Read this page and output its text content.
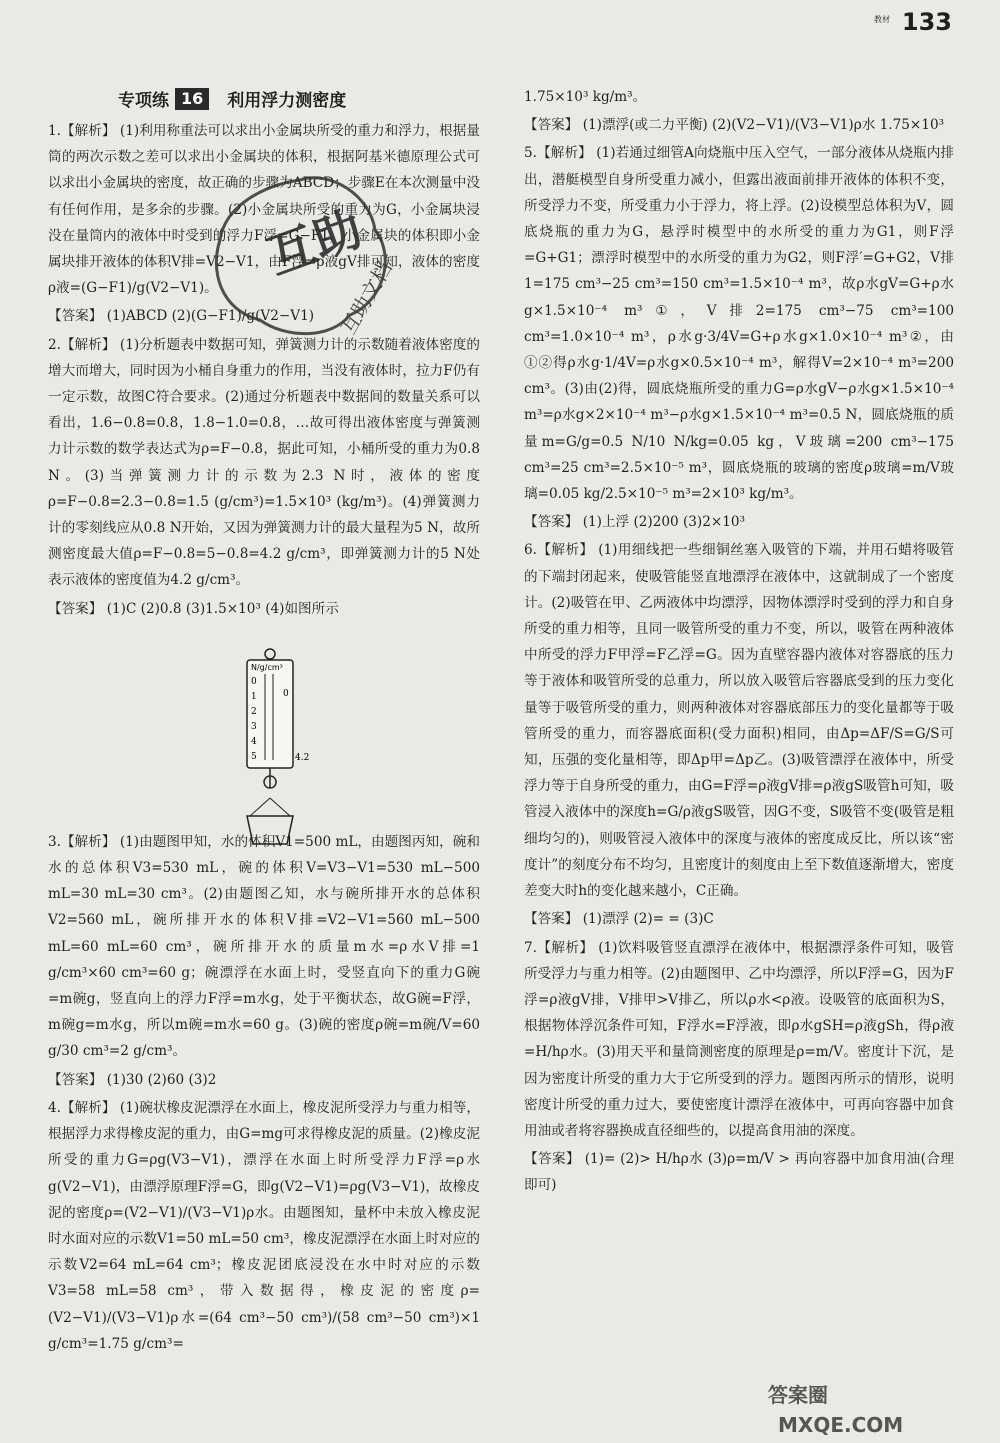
133
教材
专项练 16	利用浮力测密度

1.【解析】 (1)利用称重法可以求出小金属块所受的重力和浮力，根据量筒的两次示数之差可以求出小金属块的体积，根据阿基米德原理公式可以求出小金属块的密度，故正确的步骤为ABCD；步骤E在本次测量中没有任何作用，是多余的步骤。(2)小金属块所受的重力为G，小金属块浸没在量筒内的液体中时受到的浮力F浮=G−F1，小金属块的体积即小金属块排开液体的体积V排=V2−V1，由F浮=ρ液gV排可知，液体的密度ρ液=(G−F1)/g(V2−V1)。

【答案】 (1)ABCD (2)(G−F1)/g(V2−V1)

2.【解析】 (1)分析题表中数据可知，弹簧测力计的示数随着液体密度的增大而增大，同时因为小桶自身重力的作用，当没有液体时，拉力F仍有一定示数，故图C符合要求。(2)通过分析题表中数据间的数量关系可以看出，1.6−0.8=0.8，1.8−1.0=0.8，…故可得出液体密度与弹簧测力计示数的数学表达式为ρ=F−0.8，据此可知，小桶所受的重力为0.8 N。(3)当弹簧测力计的示数为2.3 N时，液体的密度ρ=F−0.8=2.3−0.8=1.5 (g/cm³)=1.5×10³ (kg/m³)。(4)弹簧测力计的零刻线应从0.8 N开始，又因为弹簧测力计的最大量程为5 N，故所测密度最大值ρ=F−0.8=5−0.8=4.2 g/cm³，即弹簧测力计的5 N处表示液体的密度值为4.2 g/cm³。

【答案】 (1)C (2)0.8 (3)1.5×10³ (4)如图所示

3.【解析】 (1)由题图甲知，水的体积V1=500 mL，由题图丙知，碗和水的总体积V3=530 mL，碗的体积V=V3−V1=530 mL−500 mL=30 mL=30 cm³。(2)由题图乙知，水与碗所排开水的总体积V2=560 mL，碗所排开水的体积V排=V2−V1=560 mL−500 mL=60 mL=60 cm³，碗所排开水的质量m水=ρ水V排=1 g/cm³×60 cm³=60 g；碗漂浮在水面上时，受竖直向下的重力G碗=m碗g，竖直向上的浮力F浮=m水g，处于平衡状态，故G碗=F浮，m碗g=m水g，所以m碗=m水=60 g。(3)碗的密度ρ碗=m碗/V=60 g/30 cm³=2 g/cm³。

【答案】 (1)30 (2)60 (3)2

4.【解析】 (1)碗状橡皮泥漂浮在水面上，橡皮泥所受浮力与重力相等，根据浮力求得橡皮泥的重力，由G=mg可求得橡皮泥的质量。(2)橡皮泥所受的重力G=ρg(V3−V1)，漂浮在水面上时所受浮力F浮=ρ水g(V2−V1)，由漂浮原理F浮=G，即g(V2−V1)=ρg(V3−V1)，故橡皮泥的密度ρ=(V2−V1)/(V3−V1)ρ水。由题图知，量杯中未放入橡皮泥时水面对应的示数V1=50 mL=50 cm³，橡皮泥漂浮在水面上时对应的示数V2=64 mL=64 cm³；橡皮泥团底浸没在水中时对应的示数V3=58 mL=58 cm³，带入数据得，橡皮泥的密度ρ=(V2−V1)/(V3−V1)ρ水=(64 cm³−50 cm³)/(58 cm³−50 cm³)×1 g/cm³=1.75 g/cm³=

1.75×10³ kg/m³。

【答案】 (1)漂浮(或二力平衡) (2)(V2−V1)/(V3−V1)ρ水 1.75×10³

5.【解析】 (1)若通过细管A向烧瓶中压入空气，一部分液体从烧瓶内排出，潜艇模型自身所受重力减小，但露出液面前排开液体的体积不变，所受浮力不变，所受重力小于浮力，将上浮。(2)设模型总体积为V，圆底烧瓶的重力为G，悬浮时模型中的水所受的重力为G1，则F浮=G+G1；漂浮时模型中的水所受的重力为G2，则F浮′=G+G2，V排1=175 cm³−25 cm³=150 cm³=1.5×10⁻⁴ m³，故ρ水gV=G+ρ水g×1.5×10⁻⁴ m³①，V排2=175 cm³−75 cm³=100 cm³=1.0×10⁻⁴ m³，ρ水g·3/4V=G+ρ水g×1.0×10⁻⁴ m³②，由①②得ρ水g·1/4V=ρ水g×0.5×10⁻⁴ m³，解得V=2×10⁻⁴ m³=200 cm³。(3)由(2)得，圆底烧瓶所受的重力G=ρ水gV−ρ水g×1.5×10⁻⁴ m³=ρ水g×2×10⁻⁴ m³−ρ水g×1.5×10⁻⁴ m³=0.5 N，圆底烧瓶的质量m=G/g=0.5 N/10 N/kg=0.05 kg，V玻璃=200 cm³−175 cm³=25 cm³=2.5×10⁻⁵ m³，圆底烧瓶的玻璃的密度ρ玻璃=m/V玻璃=0.05 kg/2.5×10⁻⁵ m³=2×10³ kg/m³。

【答案】 (1)上浮 (2)200 (3)2×10³

6.【解析】 (1)用细线把一些细铜丝塞入吸管的下端，并用石蜡将吸管的下端封闭起来，使吸管能竖直地漂浮在液体中，这就制成了一个密度计。(2)吸管在甲、乙两液体中均漂浮，因物体漂浮时受到的浮力和自身所受的重力相等，且同一吸管所受的重力不变，所以，吸管在两种液体中所受的浮力F甲浮=F乙浮=G。因为直壁容器内液体对容器底的压力等于液体和吸管所受的总重力，所以放入吸管后容器底受到的压力变化量等于吸管所受的重力，则两种液体对容器底部压力的变化量都等于吸管所受的重力，而容器底面积(受力面积)相同，由Δp=ΔF/S=G/S可知，压强的变化量相等，即Δp甲=Δp乙。(3)吸管漂浮在液体中，所受浮力等于自身所受的重力，由G=F浮=ρ液gV排=ρ液gS吸管h可知，吸管浸入液体中的深度h=G/ρ液gS吸管，因G不变，S吸管不变(吸管是粗细均匀的)，则吸管浸入液体中的深度与液体的密度成反比，所以该“密度计”的刻度分布不均匀，且密度计的刻度由上至下数值逐渐增大，密度差变大时h的变化越来越小，C正确。

【答案】 (1)漂浮 (2)= = (3)C

7.【解析】 (1)饮料吸管竖直漂浮在液体中，根据漂浮条件可知，吸管所受浮力与重力相等。(2)由题图甲、乙中均漂浮，所以F浮=G，因为F浮=ρ液gV排，V排甲>V排乙，所以ρ水<ρ液。设吸管的底面积为S，根据物体浮沉条件可知，F浮水=F浮液，即ρ水gSH=ρ液gSh，得ρ液=H/hρ水。(3)用天平和量筒测密度的原理是ρ=m/V。密度计下沉，是因为密度计所受的重力大于它所受到的浮力。题图丙所示的情形，说明密度计所受的重力过大，要使密度计漂浮在液体中，可再向容器中加食用油或者将容器换成直径细些的，以提高食用油的深度。

【答案】 (1)= (2)> H/hρ水 (3)ρ=m/V > 再向容器中加食用油(合理即可)

N/g/cm³
0
1
2
3
4
5
0
4.2
互助
互助文档
答案圈
MXQE.COM
